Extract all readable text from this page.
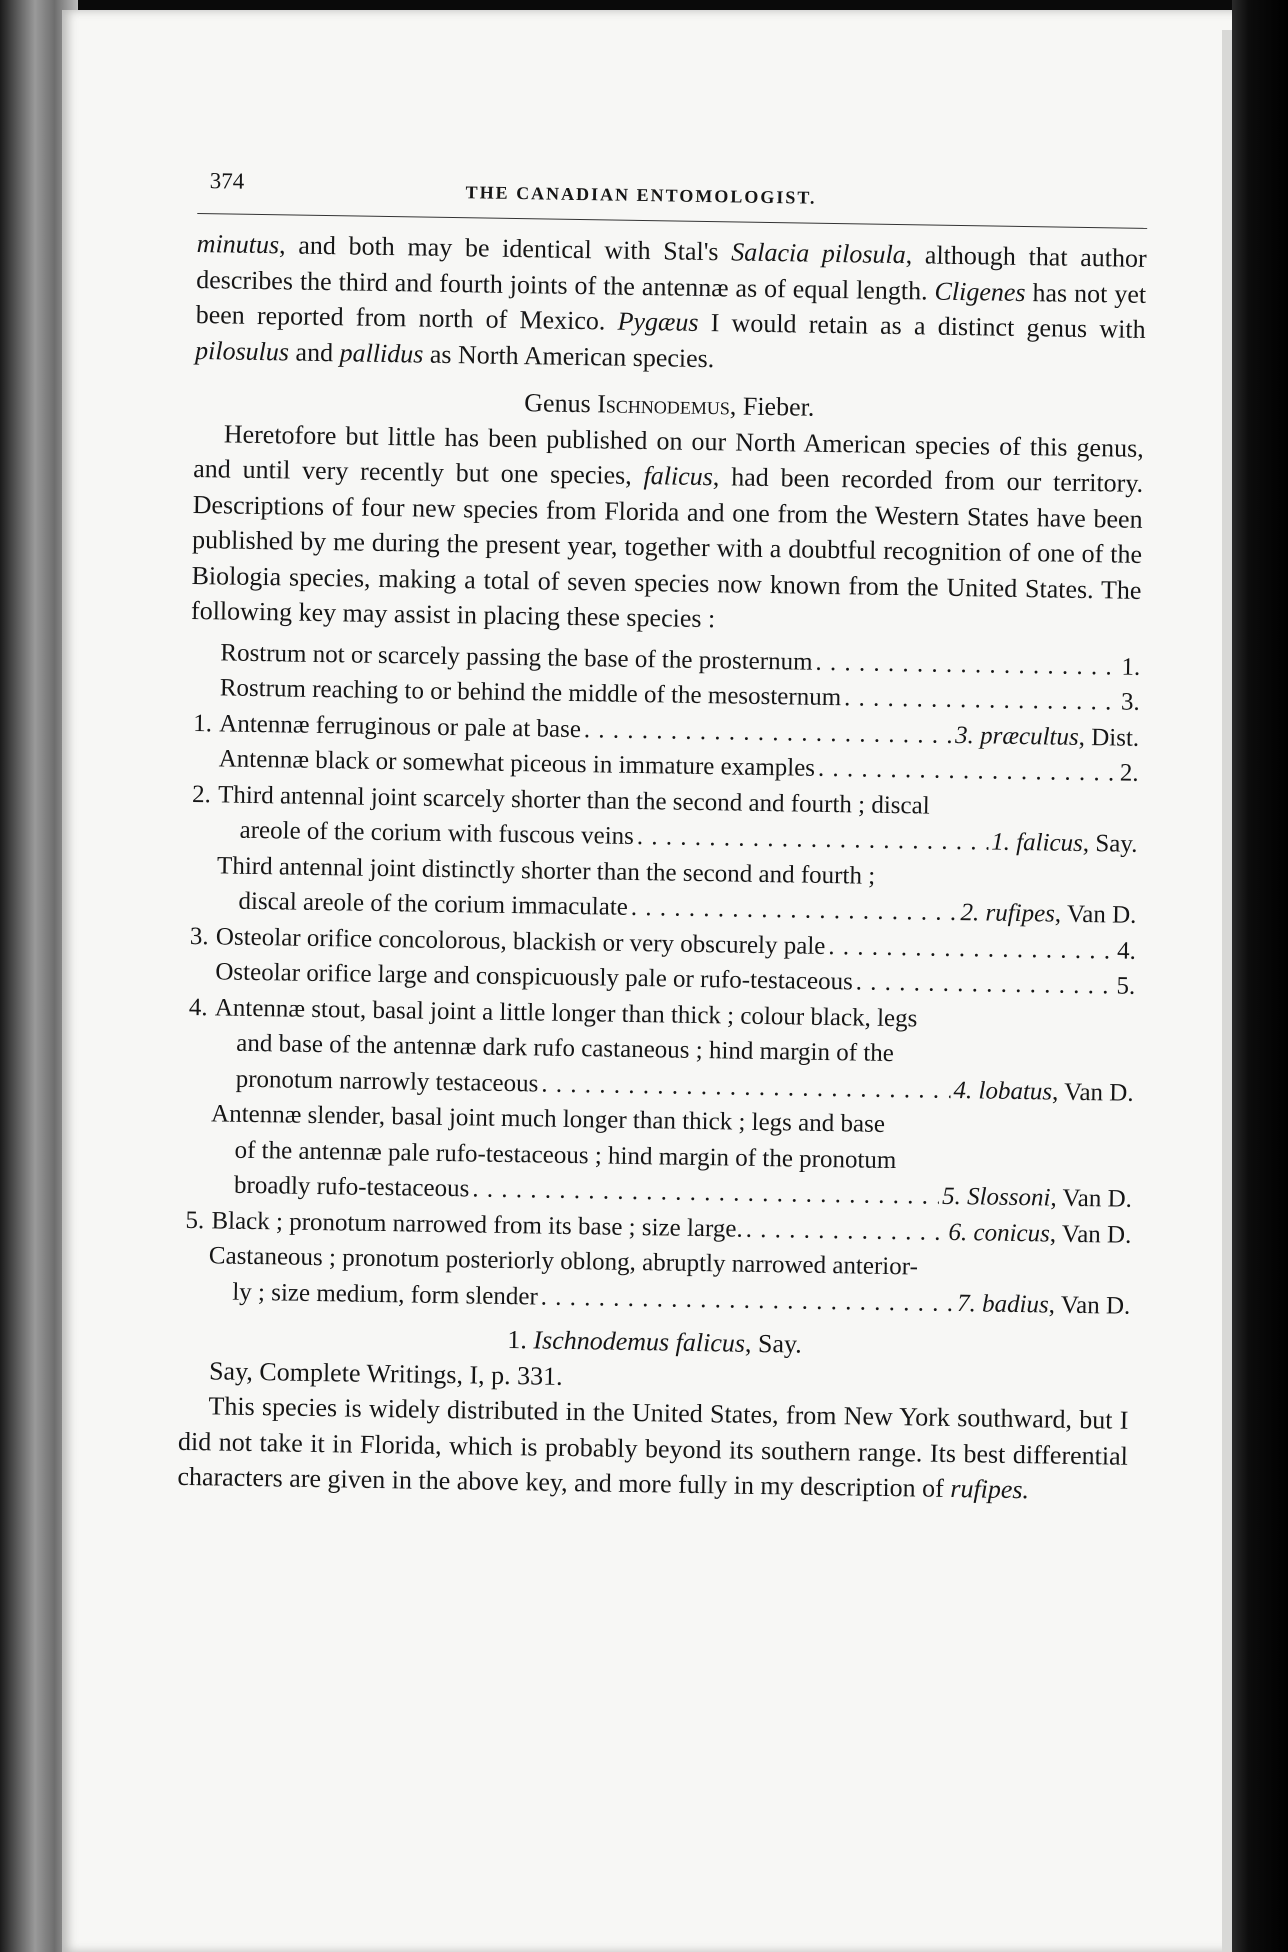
374
THE CANADIAN ENTOMOLOGIST.

minutus, and both may be identical with Stal's Salacia pilosula, although that author describes the third and fourth joints of the antennæ as of equal length. Cligenes has not yet been reported from north of Mexico. Pygæus I would retain as a distinct genus with pilosulus and pallidus as North American species.

Genus Ischnodemus, Fieber.

Heretofore but little has been published on our North American species of this genus, and until very recently but one species, falicus, had been recorded from our territory. Descriptions of four new species from Florida and one from the Western States have been published by me during the present year, together with a doubtful recognition of one of the Biologia species, making a total of seven species now known from the United States. The following key may assist in placing these species :

Rostrum not or scarcely passing the base of the prosternum . . .	1.
Rostrum reaching to or behind the middle of the mesosternum . . .	3.
1. Antennæ ferruginous or pale at base . . .	3. præcultus, Dist.
Antennæ black or somewhat piceous in immature examples . . .	2.
2. Third antennal joint scarcely shorter than the second and fourth ; discal
areole of the corium with fuscous veins . . .	1. falicus, Say.
Third antennal joint distinctly shorter than the second and fourth ;
discal areole of the corium immaculate . . .	2. rufipes, Van D.
3. Osteolar orifice concolorous, blackish or very obscurely pale . . .	4.
Osteolar orifice large and conspicuously pale or rufo-testaceous . . .	5.
4. Antennæ stout, basal joint a little longer than thick ; colour black, legs
and base of the antennæ dark rufo castaneous ; hind margin of the
pronotum narrowly testaceous . . .	4. lobatus, Van D.
Antennæ slender, basal joint much longer than thick ; legs and base
of the antennæ pale rufo-testaceous ; hind margin of the pronotum
broadly rufo-testaceous . . .	5. Slossoni, Van D.
5. Black ; pronotum narrowed from its base ; size large. . . .	6. conicus, Van D.
Castaneous ; pronotum posteriorly oblong, abruptly narrowed anterior-
ly ; size medium, form slender . . .	7. badius, Van D.

1. Ischnodemus falicus, Say.

Say, Complete Writings, I, p. 331.

This species is widely distributed in the United States, from New York southward, but I did not take it in Florida, which is probably beyond its southern range. Its best differential characters are given in the above key, and more fully in my description of rufipes.
